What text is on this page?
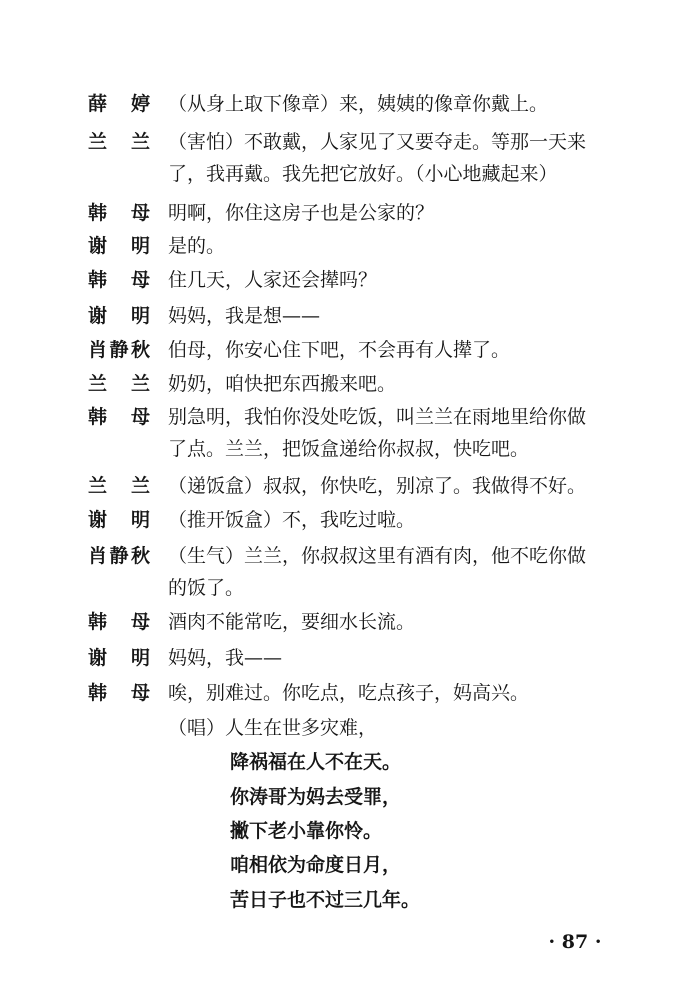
薛　婷 （从身上取下像章）来，姨姨的像章你戴上。
兰　兰 （害怕）不敢戴，人家见了又要夺走。等那一天来
了，我再戴。我先把它放好。（小心地藏起来）
韩　母 明啊，你住这房子也是公家的？
谢　明 是的。
韩　母 住几天，人家还会撵吗？
谢　明 妈妈，我是想——
肖静秋 伯母，你安心住下吧，不会再有人撵了。
兰　兰 奶奶，咱快把东西搬来吧。
韩　母 别急明，我怕你没处吃饭，叫兰兰在雨地里给你做
了点。兰兰，把饭盒递给你叔叔，快吃吧。
兰　兰 （递饭盒）叔叔，你快吃，别凉了。我做得不好。
谢　明 （推开饭盒）不，我吃过啦。
肖静秋 （生气）兰兰，你叔叔这里有酒有肉，他不吃你做
的饭了。
韩　母 酒肉不能常吃，要细水长流。
谢　明 妈妈，我——
韩　母 唉，别难过。你吃点，吃点孩子，妈高兴。
（唱）人生在世多灾难，
降祸福在人不在天。
你涛哥为妈去受罪，
撇下老小靠你怜。
咱相依为命度日月，
苦日子也不过三几年。
· 87 ·
